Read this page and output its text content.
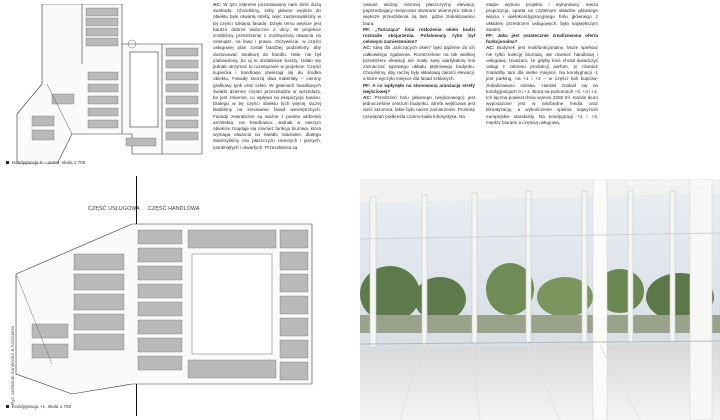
Rys. archiwum Kuryłowicz & Associates
Kondygnacja 0 – parter, skala 1:700
CZĘŚĆ USŁUGOWA CZĘŚĆ HANDLOWA
Kondygnacja +1, skala 1:700

AC: W tym zakresie pozostawiony nam dość dużą swobodę. Chcieliśmy, żeby główne wejście do obiektu było otwartą strefą, więc zastosowaliśmy w tej części szklaną fasadę. Dzięki temu wejście jest bardzo dobrze widoczne z ulicy. W projekcie zrobiliśmy przestrzenie z możliwością otwarcia na zewnątrz, na lewo i prawo. Oczywiście, w części usługowej plan został bardziej podzielony, aby dostosować strukturę do handlu. Hale, nie był zadowolony, bo uj to dodatkowe koszty. Udało się jednak utrzymać to rozwiązanie w projekcie. Części kupiecka i handlowa otwierają się do środka obiektu. Fasadę tworzą dwa materiały – ciemny grafitowy tynk oraz szkło. W galeriach handlowych światło dzienne często przeszkadza w sprzedaży, bo jest zmienne, co wpływa na ekspozycję towaru. Dlatego w tej części obiektu tych więcej raczej kładliśmy na kreowanie fasad wewnętrznych. Fasady zewnętrzne są ważne z punktu widzenia architekta, nie handlowca. Jednak w naszym obiekcie znajduje się również funkcja biurowa, która wymaga otwarcia na światło naturalne, dlatego stworzyliśmy mix płaszczyzn ciemnych i jasnych, zamkniętych i otwartych. Przeszklenia są

owanie widząc ciemnej płaszczyzny elewacji, poprzedzający miejscowo otworami okiennymi. Okna i większe przeszklenia są tam, gdzie zlokalizowano biura.

PF: „Tańcząca” linia rozłożenia okien budzi rozmaite skojarzenia. Pofalowany rytm był celowym zamierzeniem?

AC: Ideą dla „tańczących okien” było dążenie do ich całkowitego zgubienia. Rozstrzelone na tak wielkiej przestrzeni elewacji nie miały swej wartykalnej linii zaznaczać typowego układu piętrowego budynku. Chcieliśmy, aby raczej były składową całości elewacji, a które wyczyło miejsce dla fasad szklanych.

PF: A co wpłynęło na stonowaną aranżację strefy wejściowej?

AC: Przestrzeń holu głównego (wejściowego) jest jednocześnie centrum budynku. Strefa wejściowa jest dość skromna, takie było nasze zamierzenie. Prostotę rozwiązań podkreśla czarno-biała kolorystyka. Na

etapie wyboru projektu i wykonawcy nasza propozycja, oparta na czytelnym układzie głównego więcia i wielokondygnacyjnego holu głównego z układem przestrzeni usługowych, była największym atutem.

PF: Jaka jest ostatecznie zrealizowana oferta funkcjonalna?

AC: Budynek jest multifunkcjonalny. Może spełniać nie tylko funkcję biurową, ale również handlową i usługową. Uważam, że gdyby ktoś chciał świadczyć usługi z zakresu produkcji parfum, to również znalazłby tam dla siebie miejsce. Na kondygnacji -1 jest parking, na +1 i +2 – w części hali kupców-zlokalizowano stoiska. Handel znalazł się na kondygnacjach 0 i +1. Biura na poziomach +2, +3 i +4. Ich łączna powierzchnia wynosi 2250 m². Każde biuro wyposażone jest w niezbędne media oraz klimatyzację, a wykończenie spełnia najwyższe europejskie standardy. Na kondygnacji +2 i +3, między biurami a częścią usługową,

Przestrzenie na poziomie „hali kupców”
